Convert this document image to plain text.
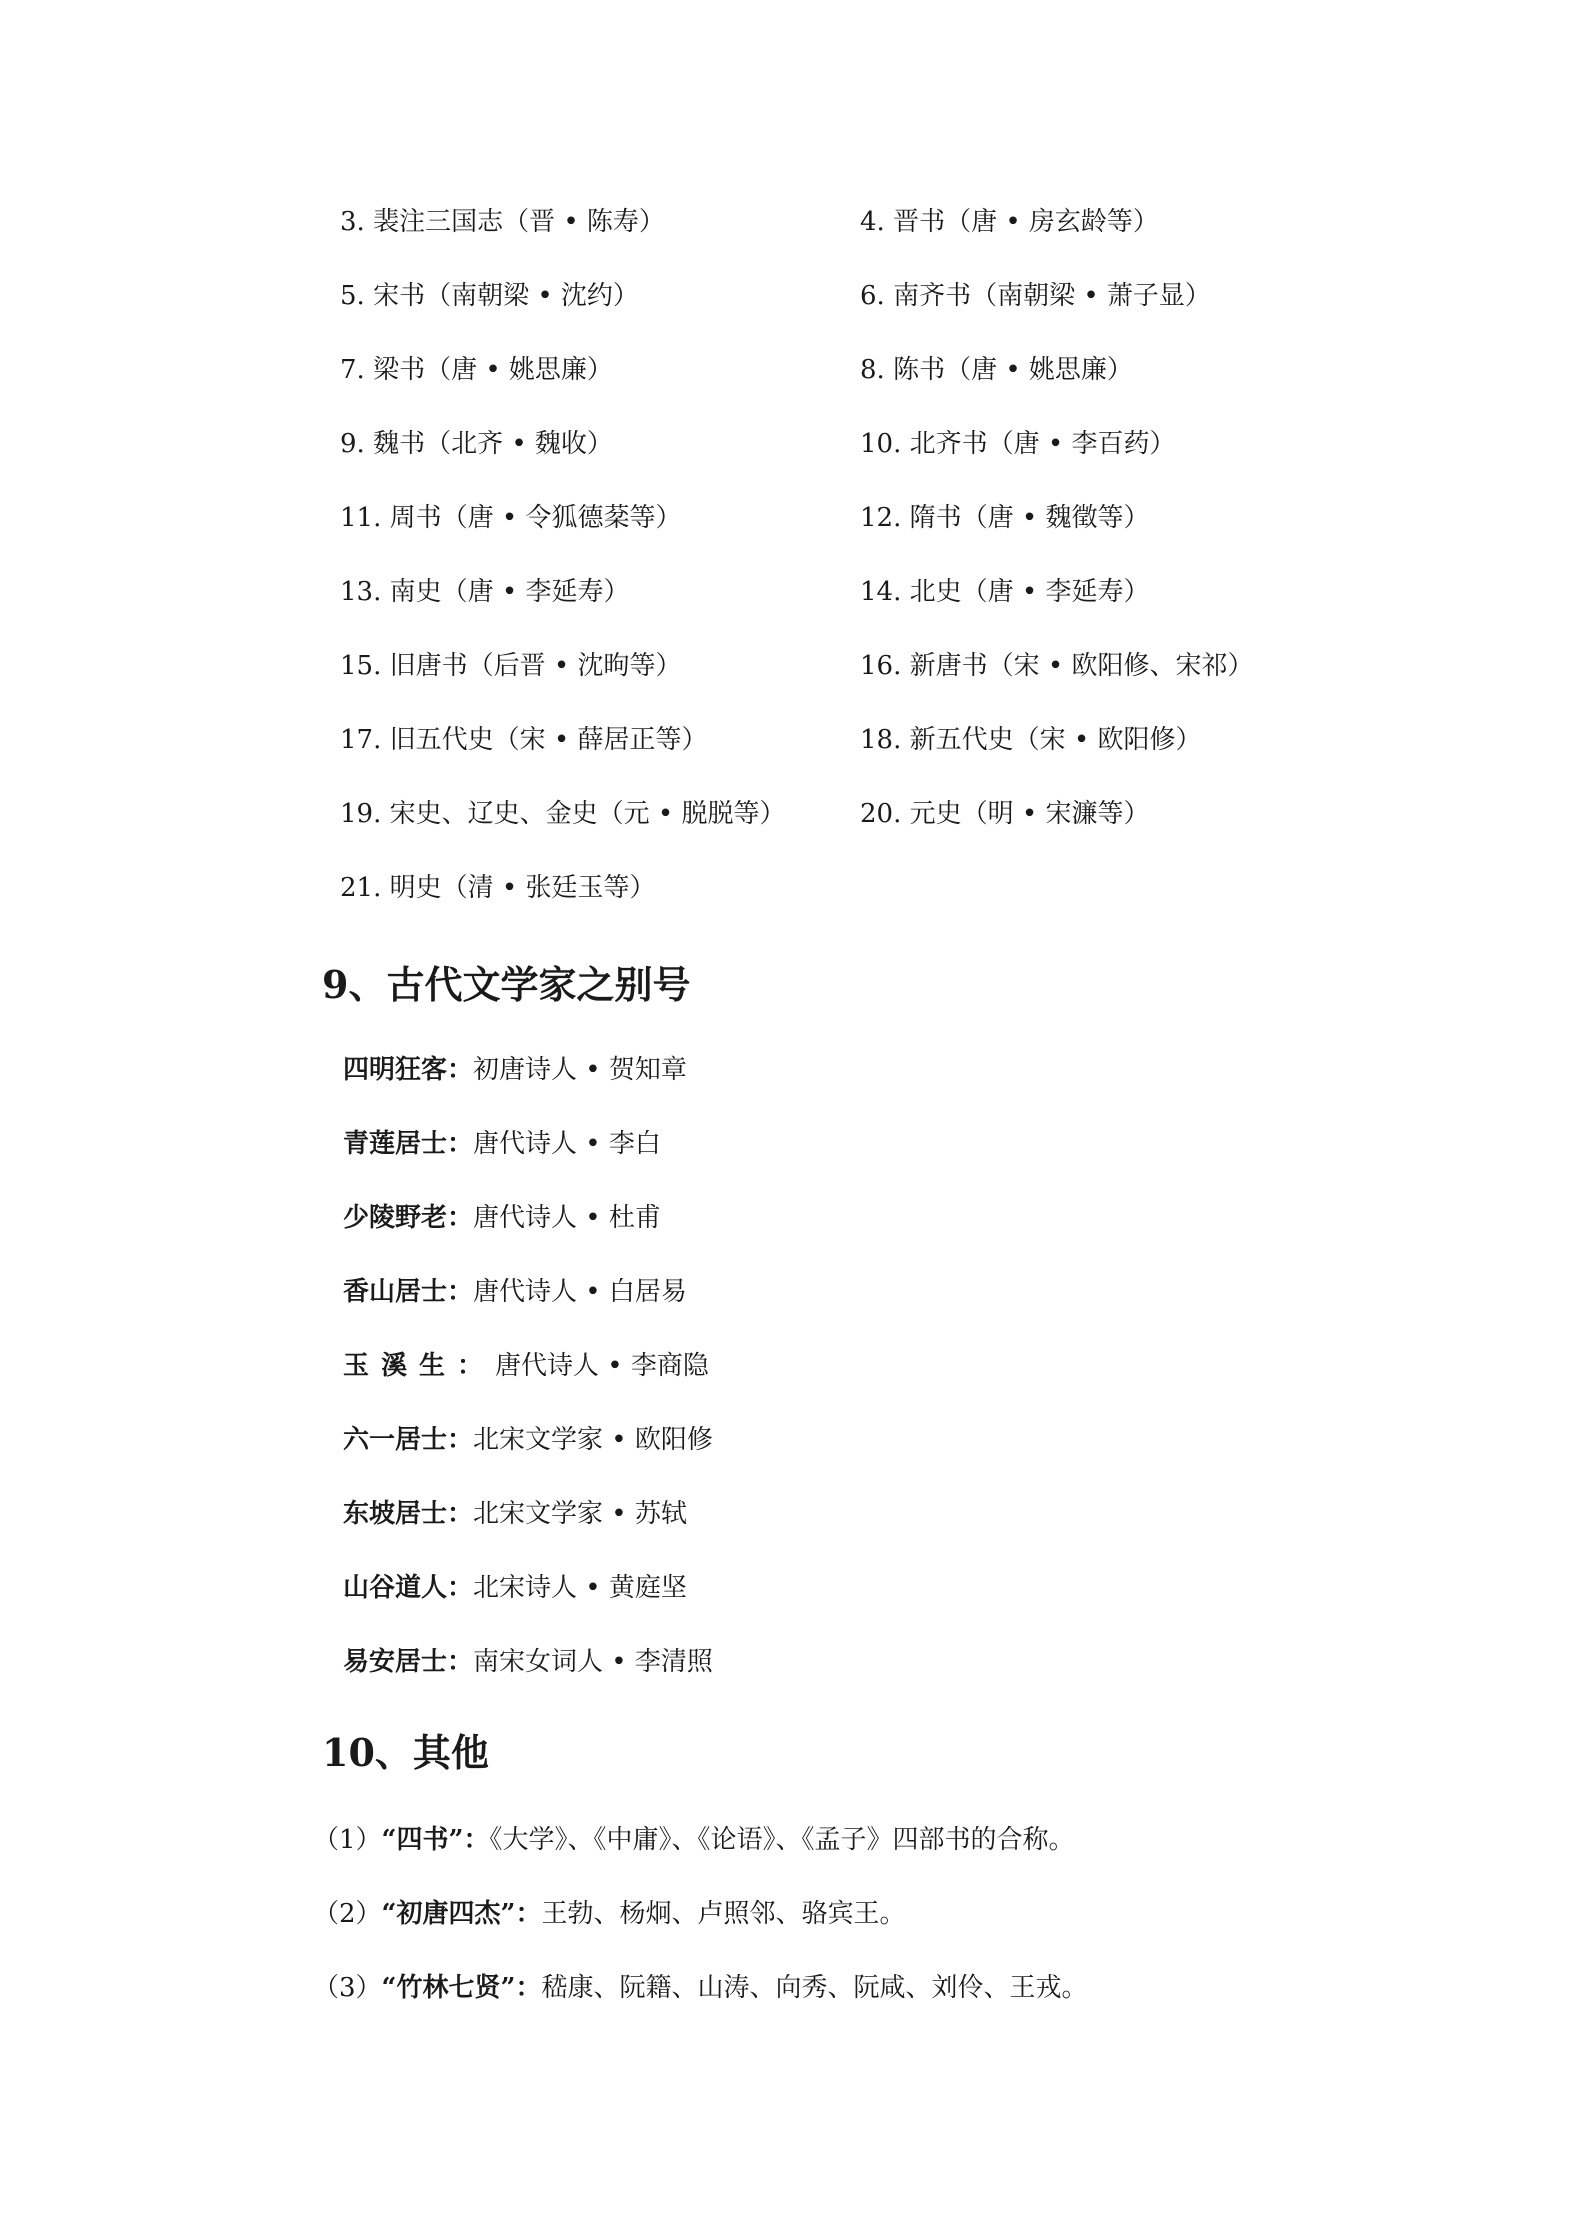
3. 裴注三国志（晋 • 陈寿）	4. 晋书（唐 • 房玄龄等）
5. 宋书（南朝梁 • 沈约）	6. 南齐书（南朝梁 • 萧子显）
7. 梁书（唐 • 姚思廉）	8. 陈书（唐 • 姚思廉）
9. 魏书（北齐 • 魏收）	10. 北齐书（唐 • 李百药）
11. 周书（唐 • 令狐德棻等）	12. 隋书（唐 • 魏徵等）
13. 南史（唐 • 李延寿）	14. 北史（唐 • 李延寿）
15. 旧唐书（后晋 • 沈昫等）	16. 新唐书（宋 • 欧阳修、宋祁）
17. 旧五代史（宋 • 薛居正等）	18. 新五代史（宋 • 欧阳修）
19. 宋史、辽史、金史（元 • 脱脱等）	20. 元史（明 • 宋濂等）
21. 明史（清 • 张廷玉等）
9、古代文学家之别号
四明狂客：初唐诗人 • 贺知章
青莲居士：唐代诗人 • 李白
少陵野老：唐代诗人 • 杜甫
香山居士：唐代诗人 • 白居易
玉溪生：唐代诗人 • 李商隐
六一居士：北宋文学家 • 欧阳修
东坡居士：北宋文学家 • 苏轼
山谷道人：北宋诗人 • 黄庭坚
易安居士：南宋女词人 • 李清照
10、其他
（1）“四书”：《大学》、《中庸》、《论语》、《孟子》四部书的合称。
（2）“初唐四杰”：王勃、杨炯、卢照邻、骆宾王。
（3）“竹林七贤”：嵇康、阮籍、山涛、向秀、阮咸、刘伶、王戎。
